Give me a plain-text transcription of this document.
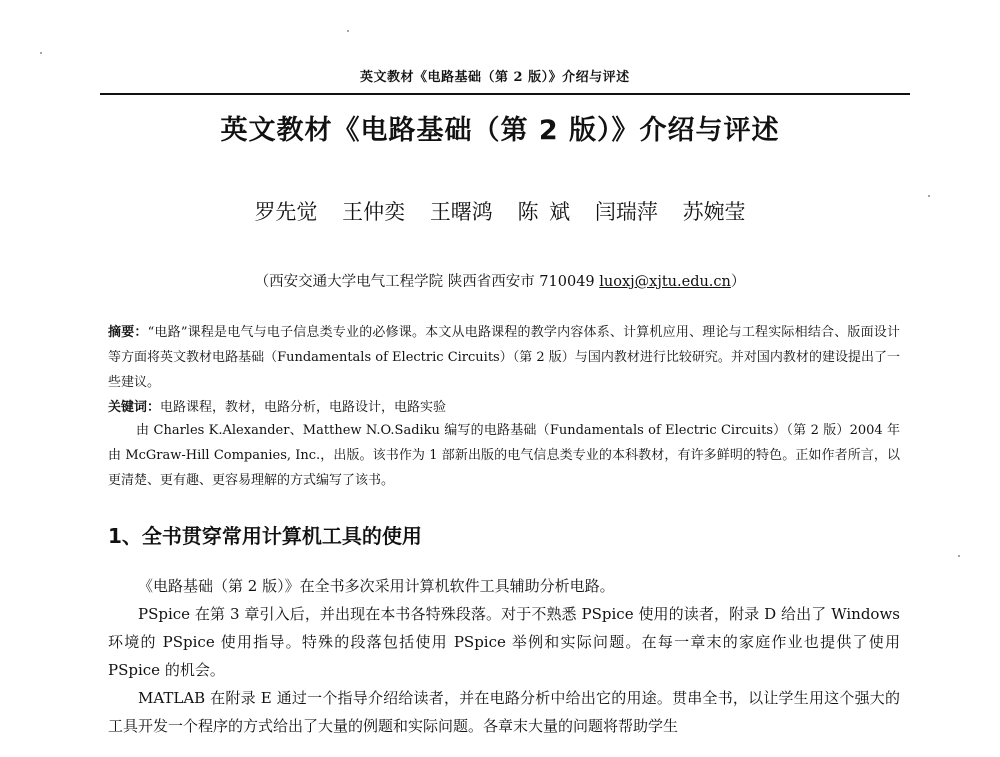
英文教材《电路基础（第 2 版）》介绍与评述
英文教材《电路基础（第 2 版）》介绍与评述
罗先觉 王仲奕 王曙鸿 陈 斌 闫瑞萍 苏婉莹
（西安交通大学电气工程学院 陕西省西安市 710049 luoxj@xjtu.edu.cn）
摘要：“电路”课程是电气与电子信息类专业的必修课。本文从电路课程的教学内容体系、计算机应用、理论与工程实际相结合、版面设计等方面将英文教材电路基础（Fundamentals of Electric Circuits）（第 2 版）与国内教材进行比较研究。并对国内教材的建设提出了一些建议。
关键词：电路课程，教材，电路分析，电路设计，电路实验
由 Charles K.Alexander、Matthew N.O.Sadiku 编写的电路基础（Fundamentals of Electric Circuits）（第 2 版）2004 年由 McGraw-Hill Companies, Inc.，出版。该书作为 1 部新出版的电气信息类专业的本科教材，有许多鲜明的特色。正如作者所言，以更清楚、更有趣、更容易理解的方式编写了该书。
1、全书贯穿常用计算机工具的使用
《电路基础（第 2 版）》在全书多次采用计算机软件工具辅助分析电路。
PSpice 在第 3 章引入后，并出现在本书各特殊段落。对于不熟悉 PSpice 使用的读者，附录 D 给出了 Windows 环境的 PSpice 使用指导。特殊的段落包括使用 PSpice 举例和实际问题。在每一章末的家庭作业也提供了使用 PSpice 的机会。
MATLAB 在附录 E 通过一个指导介绍给读者，并在电路分析中给出它的用途。贯串全书，以让学生用这个强大的工具开发一个程序的方式给出了大量的例题和实际问题。各章末大量的问题将帮助学生
